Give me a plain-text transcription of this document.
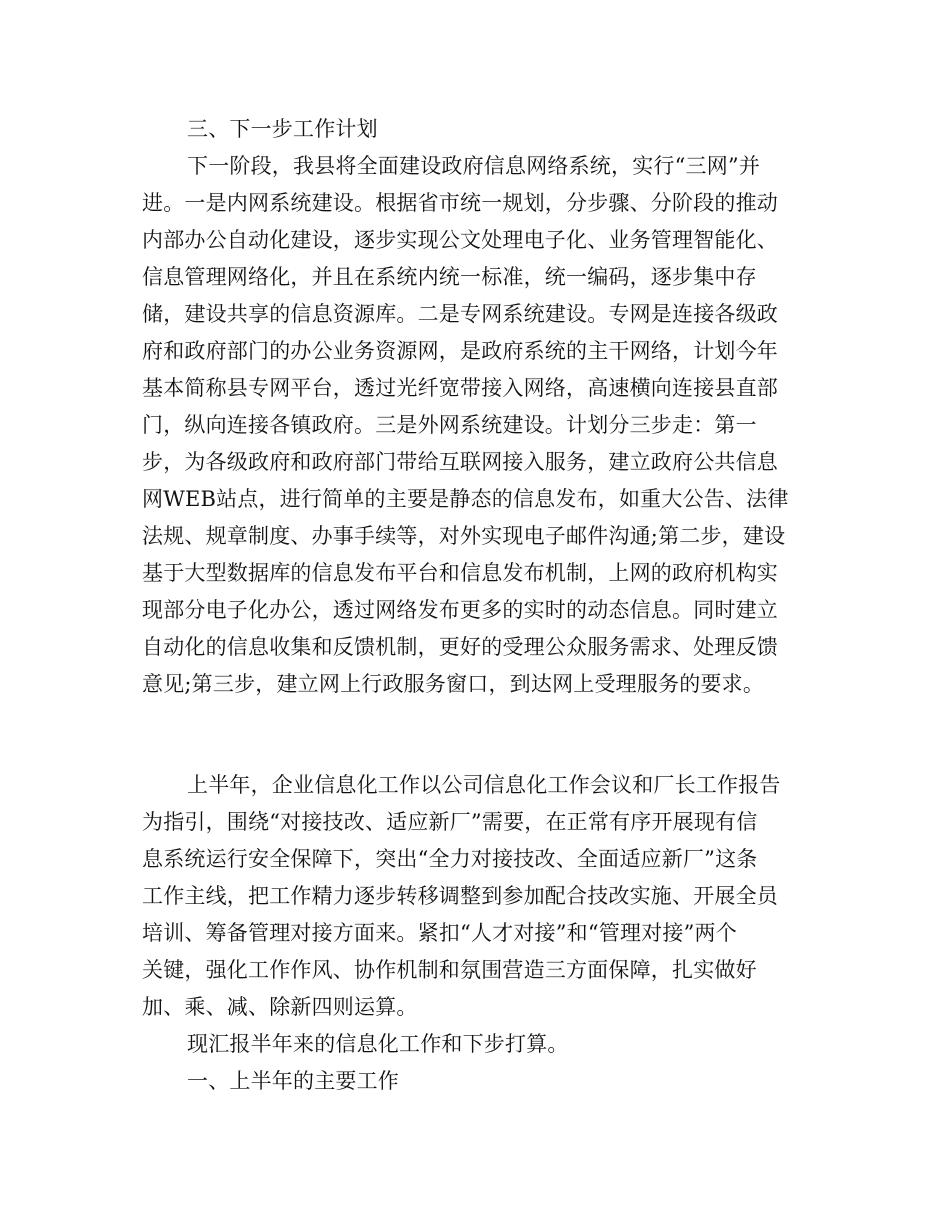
三、下一步工作计划
下一阶段，我县将全面建设政府信息网络系统，实行“三网”并
进。一是内网系统建设。根据省市统一规划，分步骤、分阶段的推动
内部办公自动化建设，逐步实现公文处理电子化、业务管理智能化、
信息管理网络化，并且在系统内统一标准，统一编码，逐步集中存
储，建设共享的信息资源库。二是专网系统建设。专网是连接各级政
府和政府部门的办公业务资源网，是政府系统的主干网络，计划今年
基本简称县专网平台，透过光纤宽带接入网络，高速横向连接县直部
门，纵向连接各镇政府。三是外网系统建设。计划分三步走：第一
步，为各级政府和政府部门带给互联网接入服务，建立政府公共信息
网WEB站点，进行简单的主要是静态的信息发布，如重大公告、法律
法规、规章制度、办事手续等，对外实现电子邮件沟通;第二步，建设
基于大型数据库的信息发布平台和信息发布机制，上网的政府机构实
现部分电子化办公，透过网络发布更多的实时的动态信息。同时建立
自动化的信息收集和反馈机制，更好的受理公众服务需求、处理反馈
意见;第三步，建立网上行政服务窗口，到达网上受理服务的要求。
上半年，企业信息化工作以公司信息化工作会议和厂长工作报告
为指引，围绕“对接技改、适应新厂”需要，在正常有序开展现有信
息系统运行安全保障下，突出“全力对接技改、全面适应新厂”这条
工作主线，把工作精力逐步转移调整到参加配合技改实施、开展全员
培训、筹备管理对接方面来。紧扣“人才对接”和“管理对接”两个
关键，强化工作作风、协作机制和氛围营造三方面保障，扎实做好
加、乘、减、除新四则运算。
现汇报半年来的信息化工作和下步打算。
一、上半年的主要工作
